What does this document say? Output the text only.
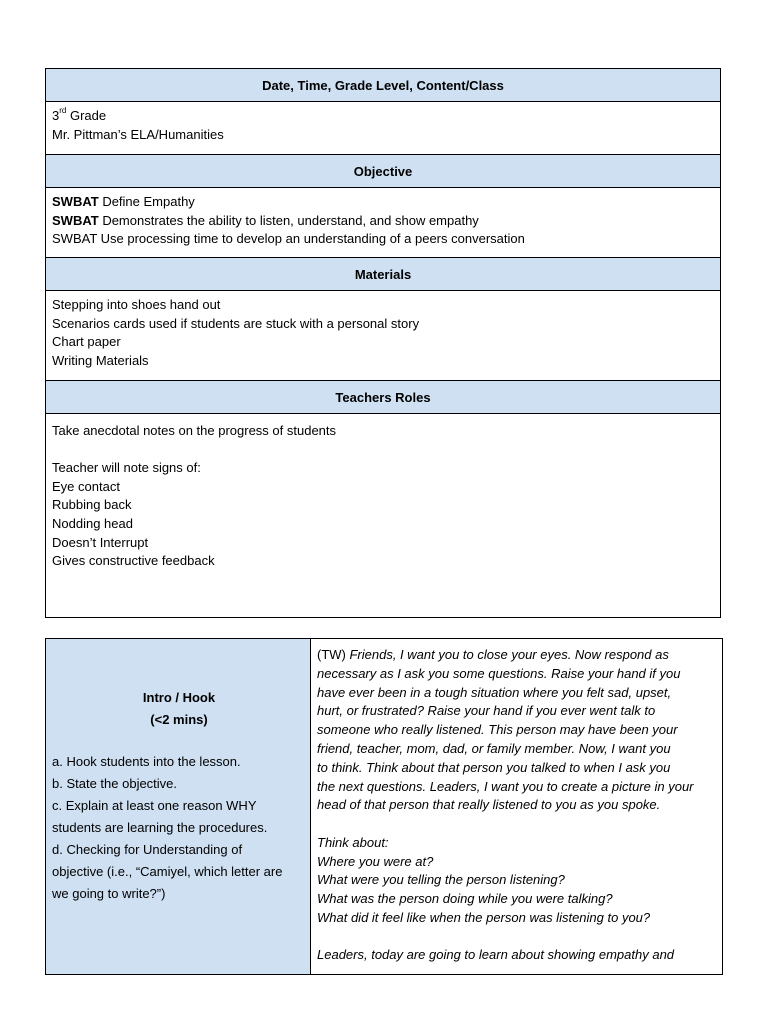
Date, Time, Grade Level, Content/Class
3rd Grade
Mr. Pittman’s ELA/Humanities
Objective
SWBAT Define Empathy
SWBAT Demonstrates the ability to listen, understand, and show empathy
SWBAT Use processing time to develop an understanding of a peers conversation
Materials
Stepping into shoes hand out
Scenarios cards used if students are stuck with a personal story
Chart paper
Writing Materials
Teachers Roles
Take anecdotal notes on the progress of students
Teacher will note signs of:
Eye contact
Rubbing back
Nodding head
Doesn’t Interrupt
Gives constructive feedback
Intro / Hook
(<2 mins)
a. Hook students into the lesson.
b. State the objective.
c. Explain at least one reason WHY
students are learning the procedures.
d. Checking for Understanding of
objective (i.e., “Camiyel, which letter are
we going to write?”)
(TW) Friends, I want you to close your eyes. Now respond as
necessary as I ask you some questions. Raise your hand if you
have ever been in a tough situation where you felt sad, upset,
hurt, or frustrated? Raise your hand if you ever went talk to
someone who really listened. This person may have been your
friend, teacher, mom, dad, or family member. Now, I want you
to think. Think about that person you talked to when I ask you
the next questions. Leaders, I want you to create a picture in your
head of that person that really listened to you as you spoke.
Think about:
Where you were at?
What were you telling the person listening?
What was the person doing while you were talking?
What did it feel like when the person was listening to you?
Leaders, today are going to learn about showing empathy and
